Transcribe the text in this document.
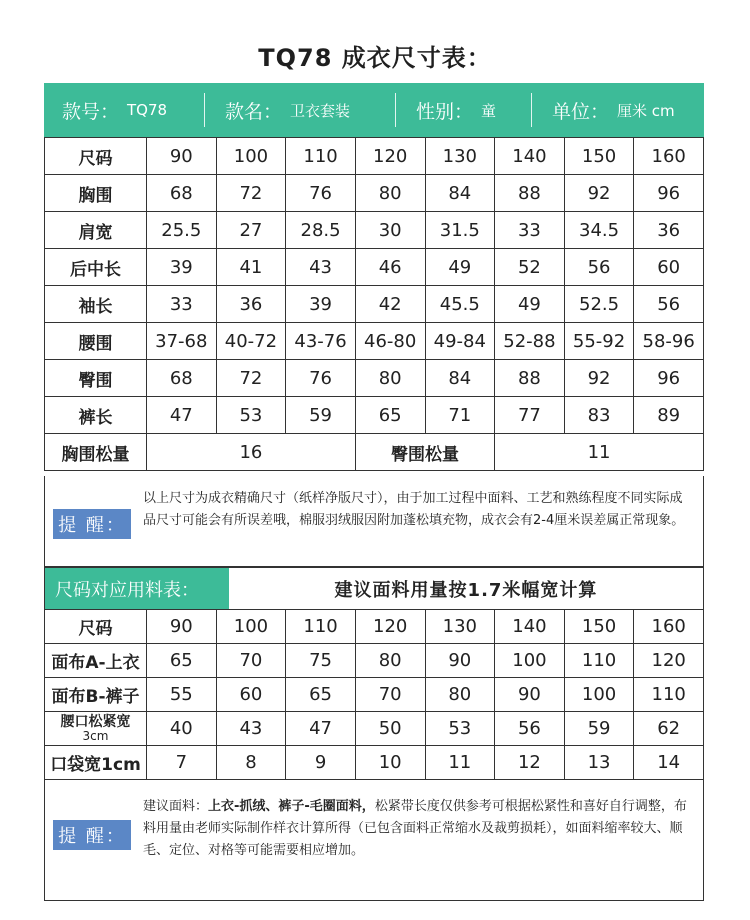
TQ78 成衣尺寸表：
款号： TQ78	款名： 卫衣套装	性别： 童	单位： 厘米 cm
尺码	90	100	110	120	130	140	150	160
胸围	68	72	76	80	84	88	92	96
肩宽	25.5	27	28.5	30	31.5	33	34.5	36
后中长	39	41	43	46	49	52	56	60
袖长	33	36	39	42	45.5	49	52.5	56
腰围	37-68	40-72	43-76	46-80	49-84	52-88	55-92	58-96
臀围	68	72	76	80	84	88	92	96
裤长	47	53	59	65	71	77	83	89
胸围松量	16			臀围松量		11		
提 醒：
以上尺寸为成衣精确尺寸（纸样净版尺寸），由于加工过程中面料、工艺和熟练程度不同实际成品尺寸可能会有所误差哦，棉服羽绒服因附加蓬松填充物，成衣会有2-4厘米误差属正常现象。
尺码对应用料表：	建议面料用量按1.7米幅宽计算
尺码	90	100	110	120	130	140	150	160
面布A-上衣	65	70	75	80	90	100	110	120
面布B-裤子	55	60	65	70	80	90	100	110
腰口松紧宽
3cm	40	43	47	50	53	56	59	62
口袋宽1cm	7	8	9	10	11	12	13	14
提 醒：
建议面料：上衣-抓绒、裤子-毛圈面料，松紧带长度仅供参考可根据松紧性和喜好自行调整，布料用量由老师实际制作样衣计算所得（已包含面料正常缩水及裁剪损耗），如面料缩率较大、顺毛、定位、对格等可能需要相应增加。
